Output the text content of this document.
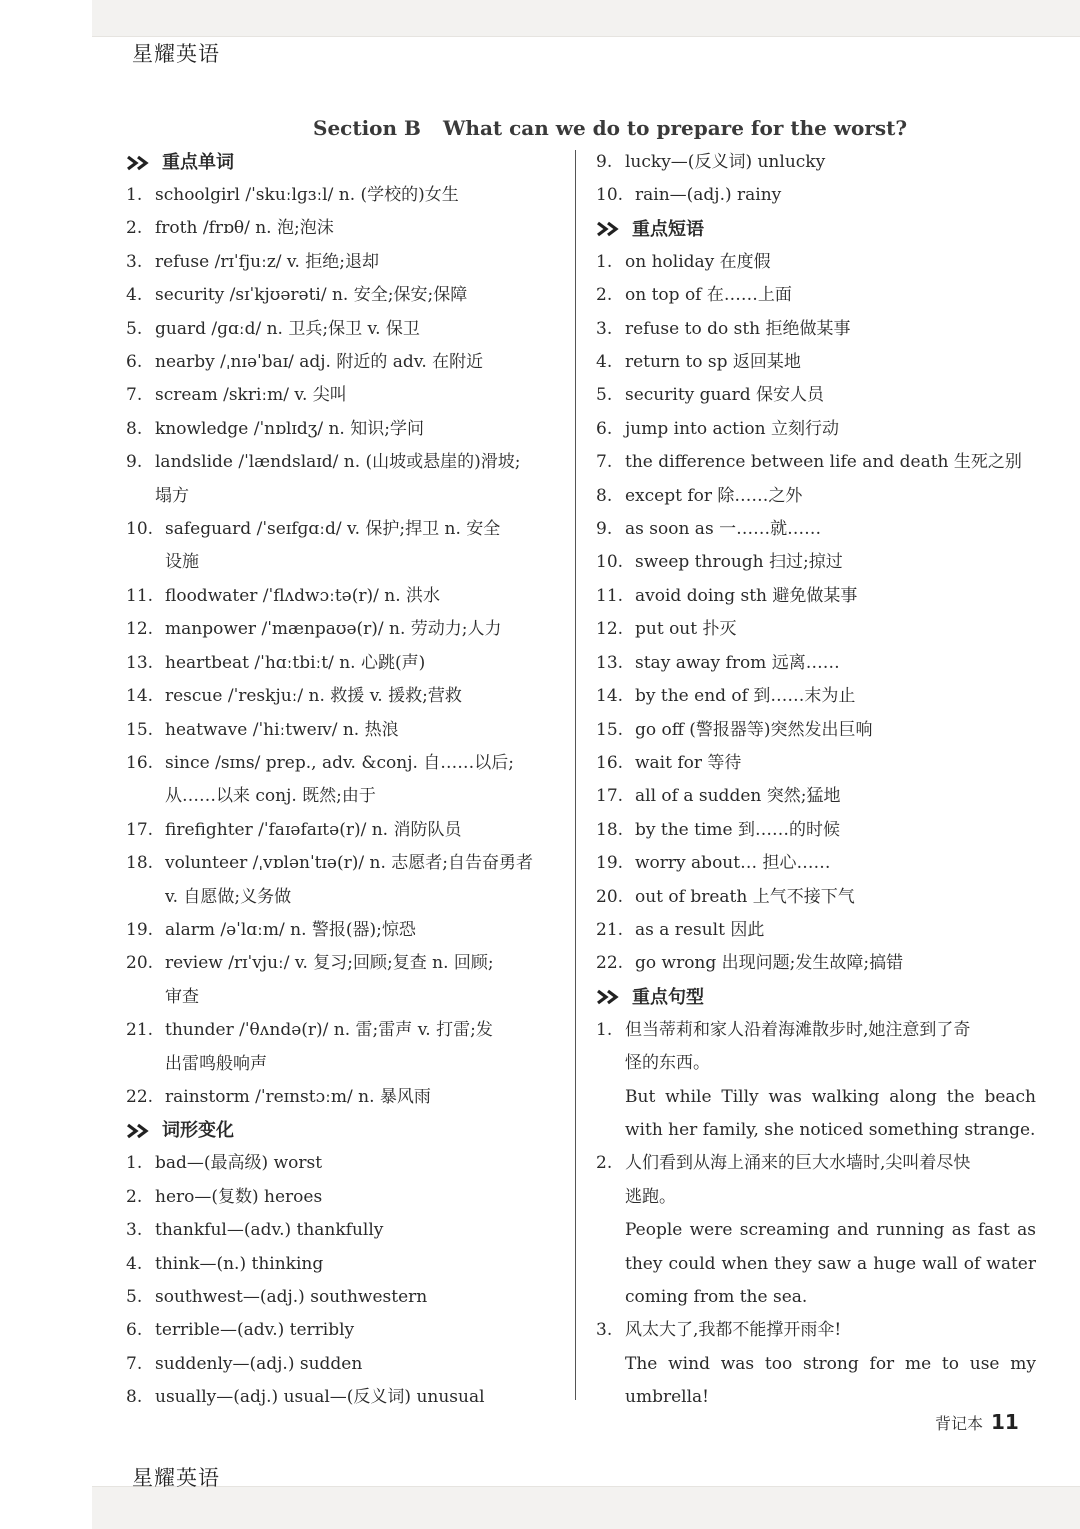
星耀英语
星耀英语
Section B What can we do to prepare for the worst?
重点单词
1. schoolgirl /ˈskuːlɡɜːl/ n. (学校的)女生
2. froth /frɒθ/ n. 泡;泡沫
3. refuse /rɪˈfjuːz/ v. 拒绝;退却
4. security /sɪˈkjʊərəti/ n. 安全;保安;保障
5. guard /ɡɑːd/ n. 卫兵;保卫 v. 保卫
6. nearby /ˌnɪəˈbaɪ/ adj. 附近的 adv. 在附近
7. scream /skriːm/ v. 尖叫
8. knowledge /ˈnɒlɪdʒ/ n. 知识;学问
9. landslide /ˈlændslaɪd/ n. (山坡或悬崖的)滑坡;
塌方
10. safeguard /ˈseɪfɡɑːd/ v. 保护;捍卫 n. 安全
设施
11. floodwater /ˈflʌdwɔːtə(r)/ n. 洪水
12. manpower /ˈmænpaʊə(r)/ n. 劳动力;人力
13. heartbeat /ˈhɑːtbiːt/ n. 心跳(声)
14. rescue /ˈreskjuː/ n. 救援 v. 援救;营救
15. heatwave /ˈhiːtweɪv/ n. 热浪
16. since /sɪns/ prep., adv. &conj. 自……以后;
从……以来 conj. 既然;由于
17. firefighter /ˈfaɪəfaɪtə(r)/ n. 消防队员
18. volunteer /ˌvɒlənˈtɪə(r)/ n. 志愿者;自告奋勇者
v. 自愿做;义务做
19. alarm /əˈlɑːm/ n. 警报(器);惊恐
20. review /rɪˈvjuː/ v. 复习;回顾;复查 n. 回顾;
审查
21. thunder /ˈθʌndə(r)/ n. 雷;雷声 v. 打雷;发
出雷鸣般响声
22. rainstorm /ˈreɪnstɔːm/ n. 暴风雨
词形变化
1. bad—(最高级) worst
2. hero—(复数) heroes
3. thankful—(adv.) thankfully
4. think—(n.) thinking
5. southwest—(adj.) southwestern
6. terrible—(adv.) terribly
7. suddenly—(adj.) sudden
8. usually—(adj.) usual—(反义词) unusual
9. lucky—(反义词) unlucky
10. rain—(adj.) rainy
重点短语
1. on holiday 在度假
2. on top of 在……上面
3. refuse to do sth 拒绝做某事
4. return to sp 返回某地
5. security guard 保安人员
6. jump into action 立刻行动
7. the difference between life and death 生死之别
8. except for 除……之外
9. as soon as 一……就……
10. sweep through 扫过;掠过
11. avoid doing sth 避免做某事
12. put out 扑灭
13. stay away from 远离……
14. by the end of 到……末为止
15. go off (警报器等)突然发出巨响
16. wait for 等待
17. all of a sudden 突然;猛地
18. by the time 到……的时候
19. worry about… 担心……
20. out of breath 上气不接下气
21. as a result 因此
22. go wrong 出现问题;发生故障;搞错
重点句型
1. 但当蒂莉和家人沿着海滩散步时,她注意到了奇
怪的东西。
But while Tilly was walking along the beach with her family, she noticed something strange.
2. 人们看到从海上涌来的巨大水墙时,尖叫着尽快
逃跑。
People were screaming and running as fast as they could when they saw a huge wall of water coming from the sea.
3. 风太大了,我都不能撑开雨伞!
The wind was too strong for me to use my umbrella!
背记本 11
